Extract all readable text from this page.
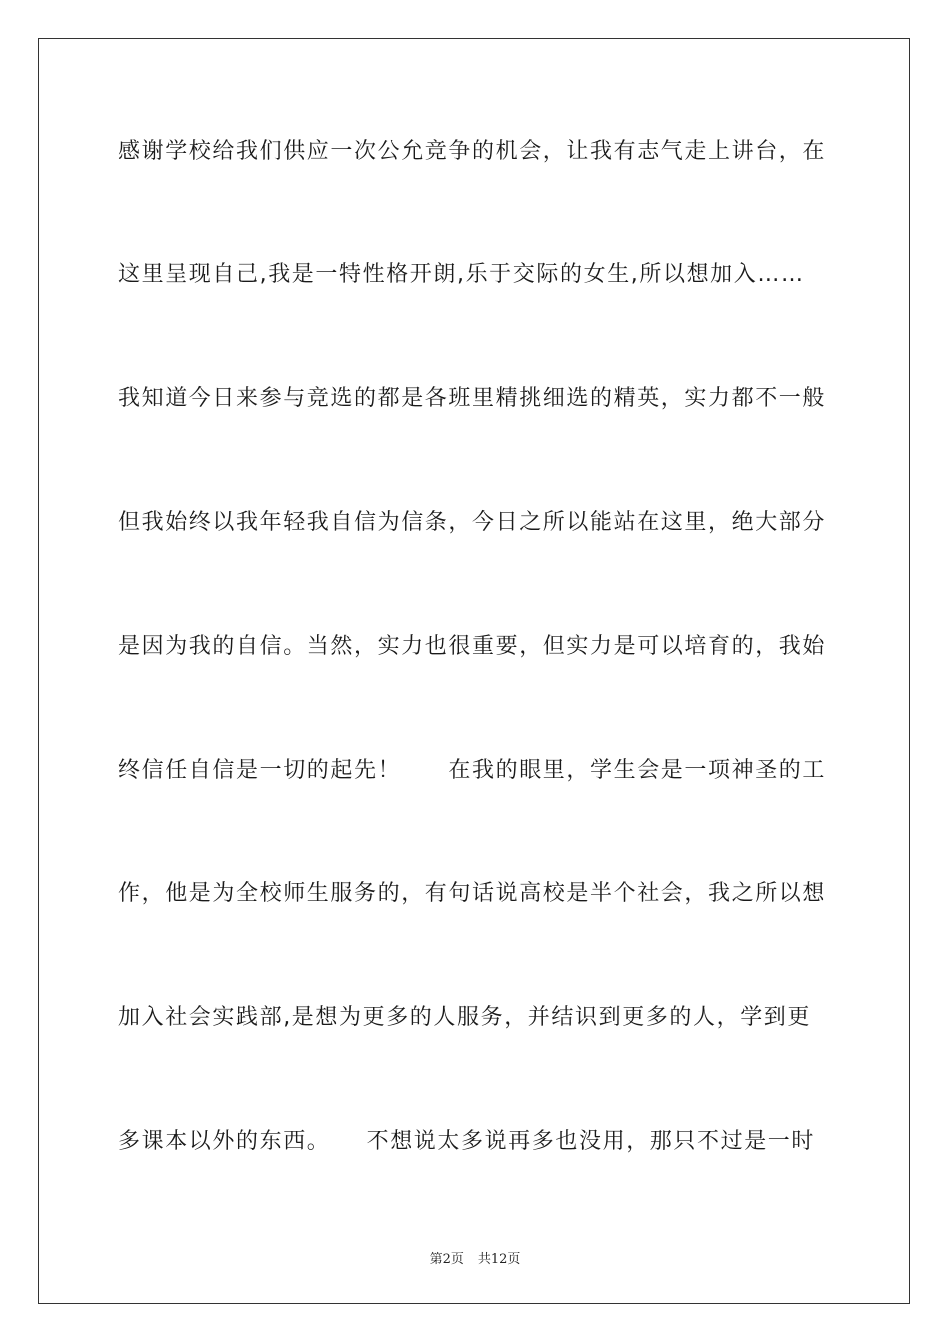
感谢学校给我们供应一次公允竞争的机会，让我有志气走上讲台，在
这里呈现自己,我是一特性格开朗,乐于交际的女生,所以想加入……
我知道今日来参与竞选的都是各班里精挑细选的精英，实力都不一般
但我始终以我年轻我自信为信条，今日之所以能站在这里，绝大部分
是因为我的自信。当然，实力也很重要，但实力是可以培育的，我始
终信任自信是一切的起先！　　在我的眼里，学生会是一项神圣的工
作，他是为全校师生服务的，有句话说高校是半个社会，我之所以想
加入社会实践部,是想为更多的人服务，并结识到更多的人，学到更
多课本以外的东西。　　不想说太多说再多也没用，那只不过是一时
第2页 共12页
